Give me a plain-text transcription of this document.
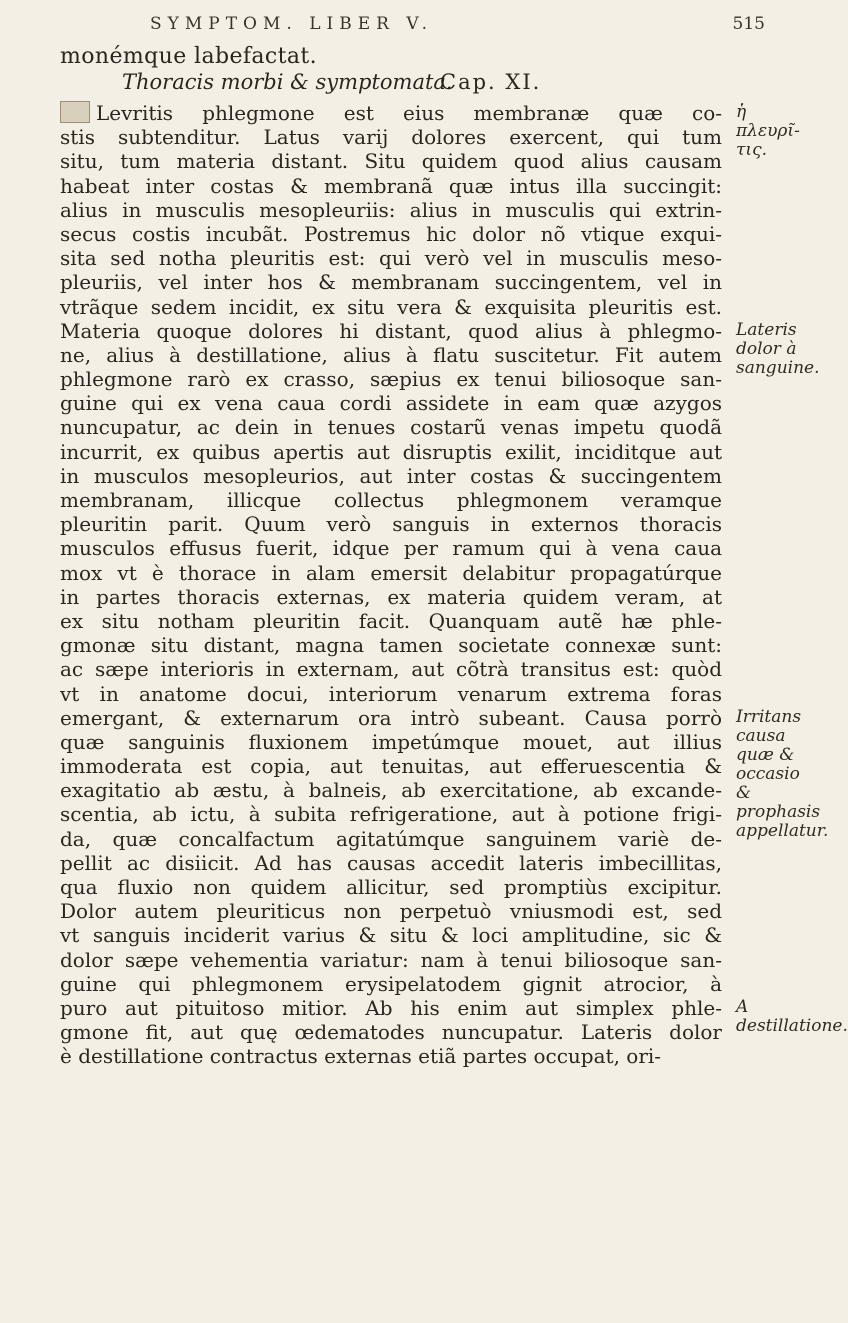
SYMPTOM. LIBER V.	515
monémque labefactat.
Thoracis morbi & symptomata.
Cap. XI.
Levritis phlegmone est eius membranæ quæ co-
stis subtenditur. Latus varij dolores exercent, qui tum
situ, tum materia distant. Situ quidem quod alius causam
habeat inter costas & membranã quæ intus illa succingit:
alius in musculis mesopleuriis: alius in musculis qui extrin-
secus costis incubãt. Postremus hic dolor nõ vtique exqui-
sita sed notha pleuritis est: qui verò vel in musculis meso-
pleuriis, vel inter hos & membranam succingentem, vel in
vtrãque sedem incidit, ex situ vera & exquisita pleuritis est.
Materia quoque dolores hi distant, quod alius à phlegmo-
ne, alius à destillatione, alius à flatu suscitetur. Fit autem
phlegmone rarò ex crasso, sæpius ex tenui biliosoque san-
guine qui ex vena caua cordi assidete in eam quæ azygos
nuncupatur, ac dein in tenues costarũ venas impetu quodã
incurrit, ex quibus apertis aut disruptis exilit, inciditque aut
in musculos mesopleurios, aut inter costas & succingentem
membranam, illicque collectus phlegmonem veramque
pleuritin parit. Quum verò sanguis in externos thoracis
musculos effusus fuerit, idque per ramum qui à vena caua
mox vt è thorace in alam emersit delabitur propagatúrque
in partes thoracis externas, ex materia quidem veram, at
ex situ notham pleuritin facit. Quanquam autẽ hæ phle-
gmonæ situ distant, magna tamen societate connexæ sunt:
ac sæpe interioris in externam, aut cõtrà transitus est: quòd
vt in anatome docui, interiorum venarum extrema foras
emergant, & externarum ora intrò subeant. Causa porrò
quæ sanguinis fluxionem impetúmque mouet, aut illius
immoderata est copia, aut tenuitas, aut efferuescentia &
exagitatio ab æstu, à balneis, ab exercitatione, ab excande-
scentia, ab ictu, à subita refrigeratione, aut à potione frigi-
da, quæ concalfactum agitatúmque sanguinem variè de-
pellit ac disiicit. Ad has causas accedit lateris imbecillitas,
qua fluxio non quidem allicitur, sed promptiùs excipitur.
Dolor autem pleuriticus non perpetuò vniusmodi est, sed
vt sanguis inciderit varius & situ & loci amplitudine, sic &
dolor sæpe vehementia variatur: nam à tenui biliosoque san-
guine qui phlegmonem erysipelatodem gignit atrocior, à
puro aut pituitoso mitior. Ab his enim aut simplex phle-
gmone fit, aut quę œdematodes nuncupatur. Lateris dolor
è destillatione contractus externas etiã partes occupat, ori-
ἡ πλευρῖ-τις.
Lateris dolor à sanguine.
Irritans causa quæ & occasio & prophasis appellatur.
A destillatione.
